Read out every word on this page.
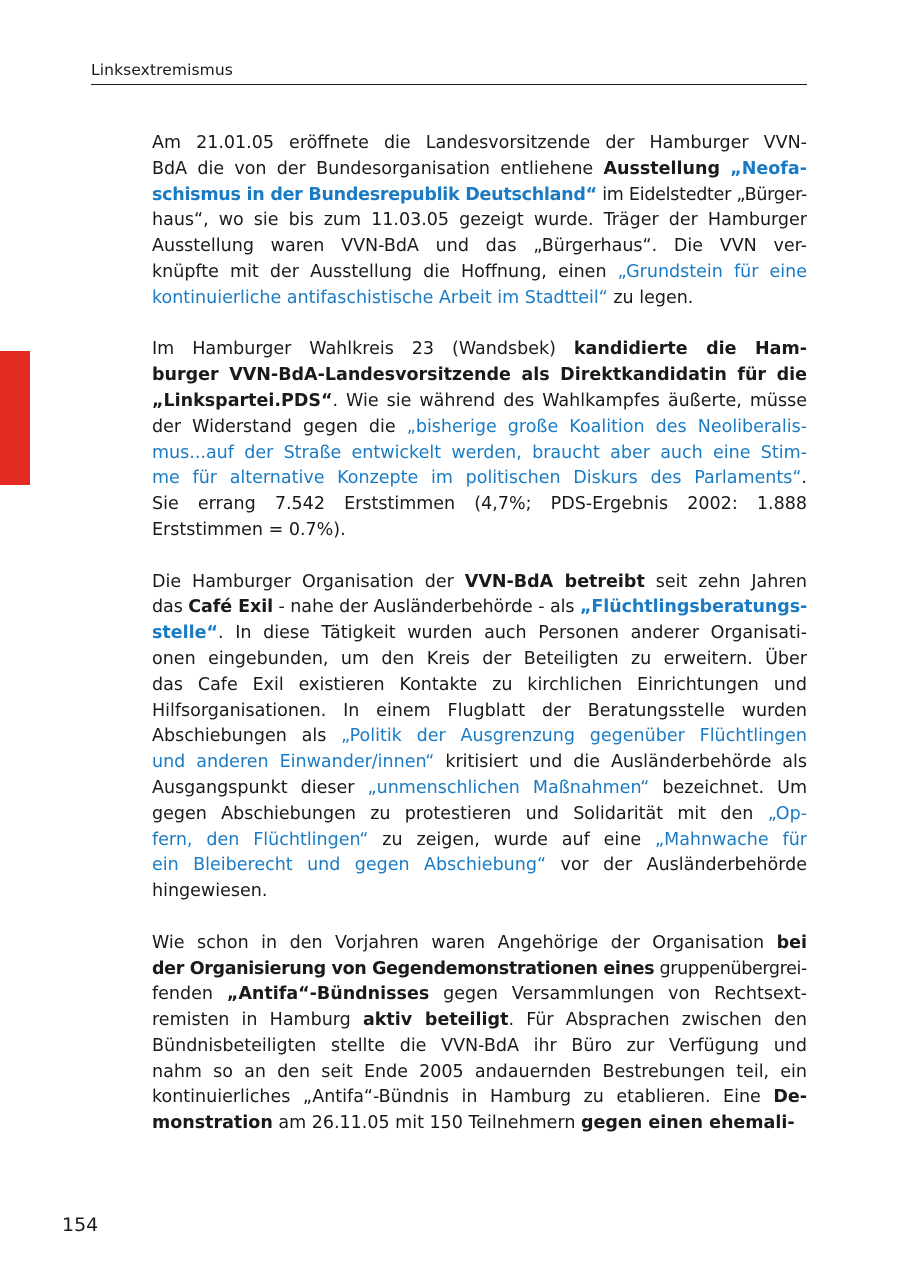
Linksextremismus
Am 21.01.05 eröffnete die Landesvorsitzende der Hamburger VVN-
BdA die von der Bundesorganisation entliehene Ausstellung „Neofa-
schismus in der Bundesrepublik Deutschland“ im Eidelstedter „Bürger-
haus“, wo sie bis zum 11.03.05 gezeigt wurde. Träger der Hamburger
Ausstellung waren VVN-BdA und das „Bürgerhaus“. Die VVN ver-
knüpfte mit der Ausstellung die Hoffnung, einen „Grundstein für eine
kontinuierliche antifaschistische Arbeit im Stadtteil“ zu legen.
Im Hamburger Wahlkreis 23 (Wandsbek) kandidierte die Ham-
burger VVN-BdA-Landesvorsitzende als Direktkandidatin für die
„Linkspartei.PDS“. Wie sie während des Wahlkampfes äußerte, müsse
der Widerstand gegen die „bisherige große Koalition des Neoliberalis-
mus...auf der Straße entwickelt werden, braucht aber auch eine Stim-
me für alternative Konzepte im politischen Diskurs des Parlaments“.
Sie errang 7.542 Erststimmen (4,7%; PDS-Ergebnis 2002: 1.888
Erststimmen = 0.7%).
Die Hamburger Organisation der VVN-BdA betreibt seit zehn Jahren
das Café Exil - nahe der Ausländerbehörde - als „Flüchtlingsberatungs-
stelle“. In diese Tätigkeit wurden auch Personen anderer Organisati-
onen eingebunden, um den Kreis der Beteiligten zu erweitern. Über
das Cafe Exil existieren Kontakte zu kirchlichen Einrichtungen und
Hilfsorganisationen. In einem Flugblatt der Beratungsstelle wurden
Abschiebungen als „Politik der Ausgrenzung gegenüber Flüchtlingen
und anderen Einwander/innen“ kritisiert und die Ausländerbehörde als
Ausgangspunkt dieser „unmenschlichen Maßnahmen“ bezeichnet. Um
gegen Abschiebungen zu protestieren und Solidarität mit den „Op-
fern, den Flüchtlingen“ zu zeigen, wurde auf eine „Mahnwache für
ein Bleiberecht und gegen Abschiebung“ vor der Ausländerbehörde
hingewiesen.
Wie schon in den Vorjahren waren Angehörige der Organisation bei
der Organisierung von Gegendemonstrationen eines gruppenübergrei-
fenden „Antifa“-Bündnisses gegen Versammlungen von Rechtsext-
remisten in Hamburg aktiv beteiligt. Für Absprachen zwischen den
Bündnisbeteiligten stellte die VVN-BdA ihr Büro zur Verfügung und
nahm so an den seit Ende 2005 andauernden Bestrebungen teil, ein
kontinuierliches „Antifa“-Bündnis in Hamburg zu etablieren. Eine De-
monstration am 26.11.05 mit 150 Teilnehmern gegen einen ehemali-
154
